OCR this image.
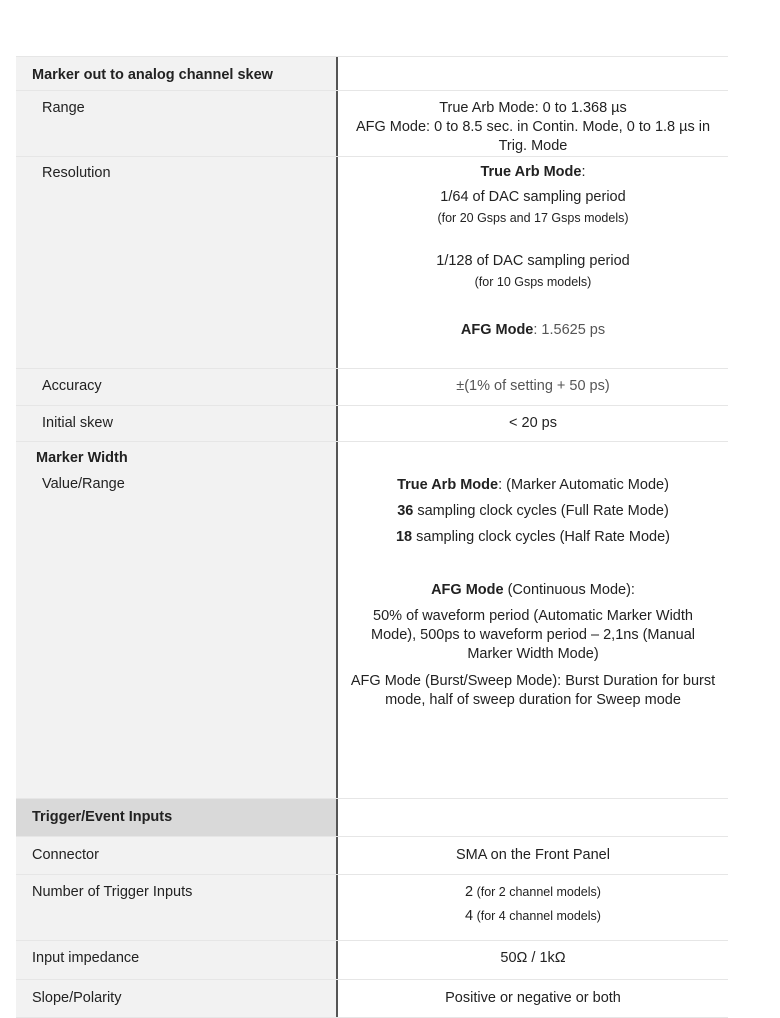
Marker out to analog channel skew
Range	True Arb Mode: 0 to 1.368 µs
AFG Mode: 0 to 8.5 sec. in Contin. Mode, 0 to 1.8 µs in Trig. Mode
Resolution	True Arb Mode:
1/64 of DAC sampling period
(for 20 Gsps and 17 Gsps models)
1/128 of DAC sampling period
(for 10 Gsps models)
AFG Mode: 1.5625 ps
Accuracy	±(1% of setting + 50 ps)
Initial skew	< 20 ps
Marker Width
Value/Range	True Arb Mode: (Marker Automatic Mode)
36 sampling clock cycles (Full Rate Mode)
18 sampling clock cycles (Half Rate Mode)
AFG Mode (Continuous Mode):
50% of waveform period (Automatic Marker Width Mode), 500ps to waveform period – 2,1ns (Manual Marker Width Mode)
AFG Mode (Burst/Sweep Mode): Burst Duration for burst mode, half of sweep duration for Sweep mode
Trigger/Event Inputs
Connector	SMA on the Front Panel
Number of Trigger Inputs	2 (for 2 channel models)
4 (for 4 channel models)
Input impedance	50Ω / 1kΩ
Slope/Polarity	Positive or negative or both
